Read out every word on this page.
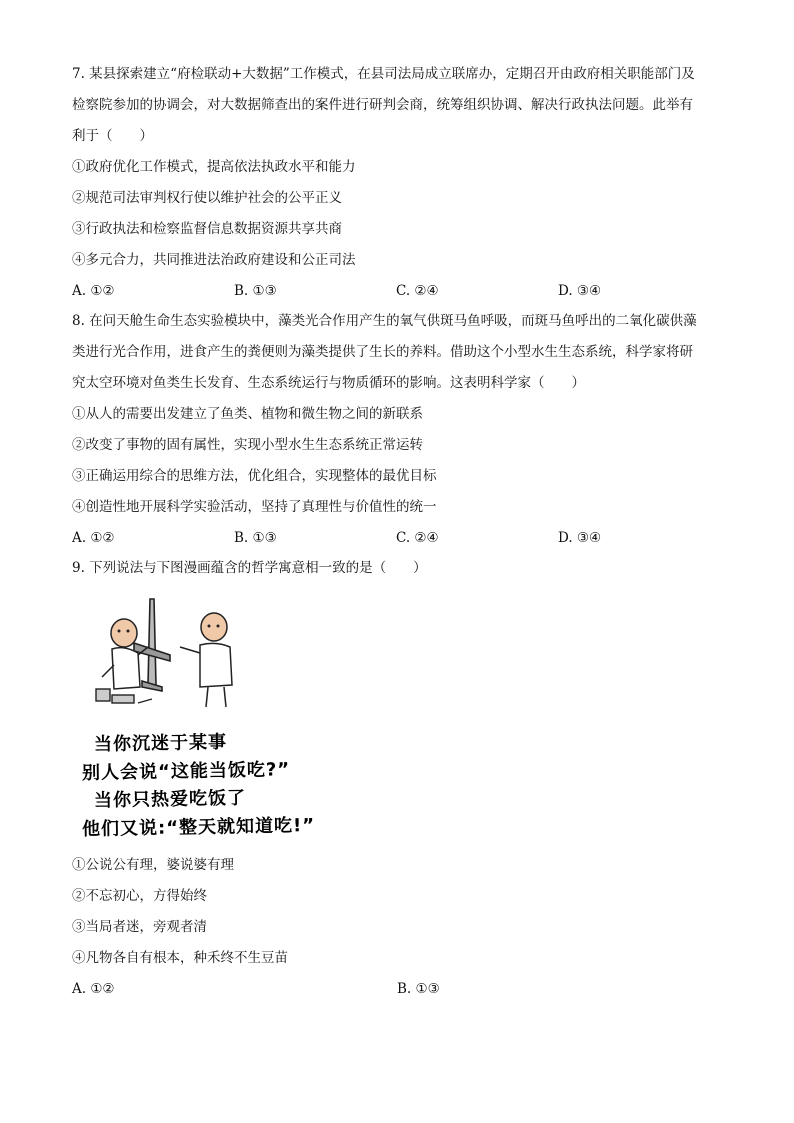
7. 某县探索建立“府检联动+大数据”工作模式，在县司法局成立联席办，定期召开由政府相关职能部门及

检察院参加的协调会，对大数据筛查出的案件进行研判会商，统筹组织协调、解决行政执法问题。此举有

利于（　　）

①政府优化工作模式，提高依法执政水平和能力

②规范司法审判权行使以维护社会的公平正义

③行政执法和检察监督信息数据资源共享共商

④多元合力，共同推进法治政府建设和公正司法

A. ①②	B. ①③	C. ②④	D. ③④

8. 在问天舱生命生态实验模块中，藻类光合作用产生的氧气供斑马鱼呼吸，而斑马鱼呼出的二氧化碳供藻

类进行光合作用，进食产生的粪便则为藻类提供了生长的养料。借助这个小型水生生态系统，科学家将研

究太空环境对鱼类生长发育、生态系统运行与物质循环的影响。这表明科学家（　　）

①从人的需要出发建立了鱼类、植物和微生物之间的新联系

②改变了事物的固有属性，实现小型水生生态系统正常运转

③正确运用综合的思维方法，优化组合，实现整体的最优目标

④创造性地开展科学实验活动，坚持了真理性与价值性的统一

A. ①②	B. ①③	C. ②④	D. ③④

9. 下列说法与下图漫画蕴含的哲学寓意相一致的是（　　）

当你沉迷于某事
别人会说“这能当饭吃?”
当你只热爱吃饭了
他们又说:“整天就知道吃!”

①公说公有理，婆说婆有理

②不忘初心，方得始终

③当局者迷，旁观者清

④凡物各自有根本，种禾终不生豆苗

A. ①②	B. ①③
